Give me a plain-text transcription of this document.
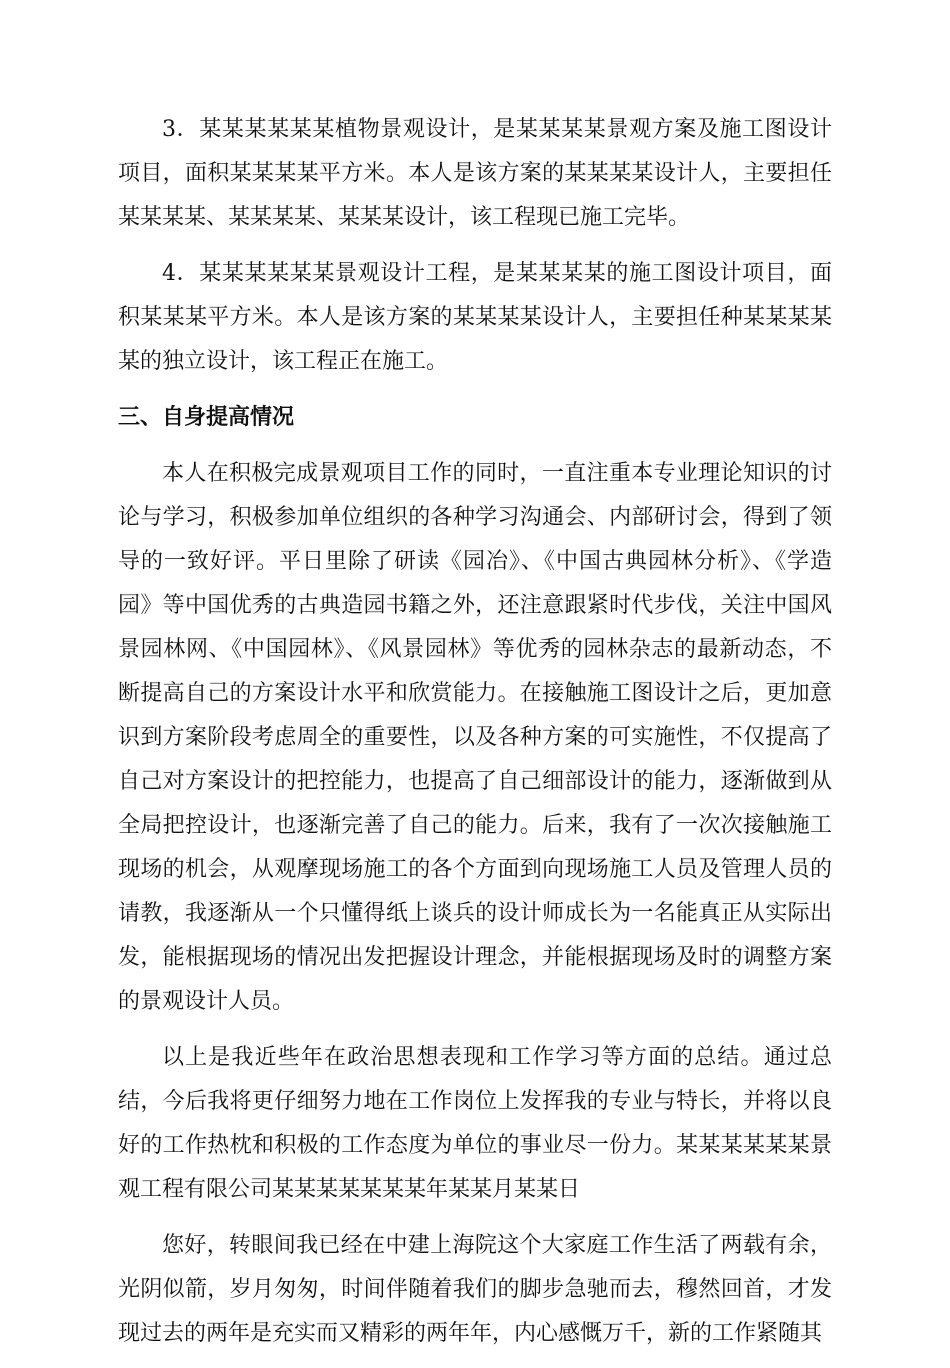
3．某某某某某某植物景观设计，是某某某某景观方案及施工图设计项目，面积某某某某平方米。本人是该方案的某某某某设计人，主要担任某某某某、某某某某、某某某设计，该工程现已施工完毕。

4．某某某某某某景观设计工程，是某某某某的施工图设计项目，面积某某某平方米。本人是该方案的某某某某设计人，主要担任种某某某某某的独立设计，该工程正在施工。

三、自身提高情况

本人在积极完成景观项目工作的同时，一直注重本专业理论知识的讨论与学习，积极参加单位组织的各种学习沟通会、内部研讨会，得到了领导的一致好评。平日里除了研读《园冶》、《中国古典园林分析》、《学造园》等中国优秀的古典造园书籍之外，还注意跟紧时代步伐，关注中国风景园林网、《中国园林》、《风景园林》等优秀的园林杂志的最新动态，不断提高自己的方案设计水平和欣赏能力。在接触施工图设计之后，更加意识到方案阶段考虑周全的重要性，以及各种方案的可实施性，不仅提高了自己对方案设计的把控能力，也提高了自己细部设计的能力，逐渐做到从全局把控设计，也逐渐完善了自己的能力。后来，我有了一次次接触施工现场的机会，从观摩现场施工的各个方面到向现场施工人员及管理人员的请教，我逐渐从一个只懂得纸上谈兵的设计师成长为一名能真正从实际出发，能根据现场的情况出发把握设计理念，并能根据现场及时的调整方案的景观设计人员。

以上是我近些年在政治思想表现和工作学习等方面的总结。通过总结，今后我将更仔细努力地在工作岗位上发挥我的专业与特长，并将以良好的工作热枕和积极的工作态度为单位的事业尽一份力。某某某某某某景观工程有限公司某某某某某某某年某某月某某日

您好，转眼间我已经在中建上海院这个大家庭工作生活了两载有余，光阴似箭，岁月匆匆，时间伴随着我们的脚步急驰而去，穆然回首，才发现过去的两年是充实而又精彩的两年年，内心感慨万千，新的工作紧随其
